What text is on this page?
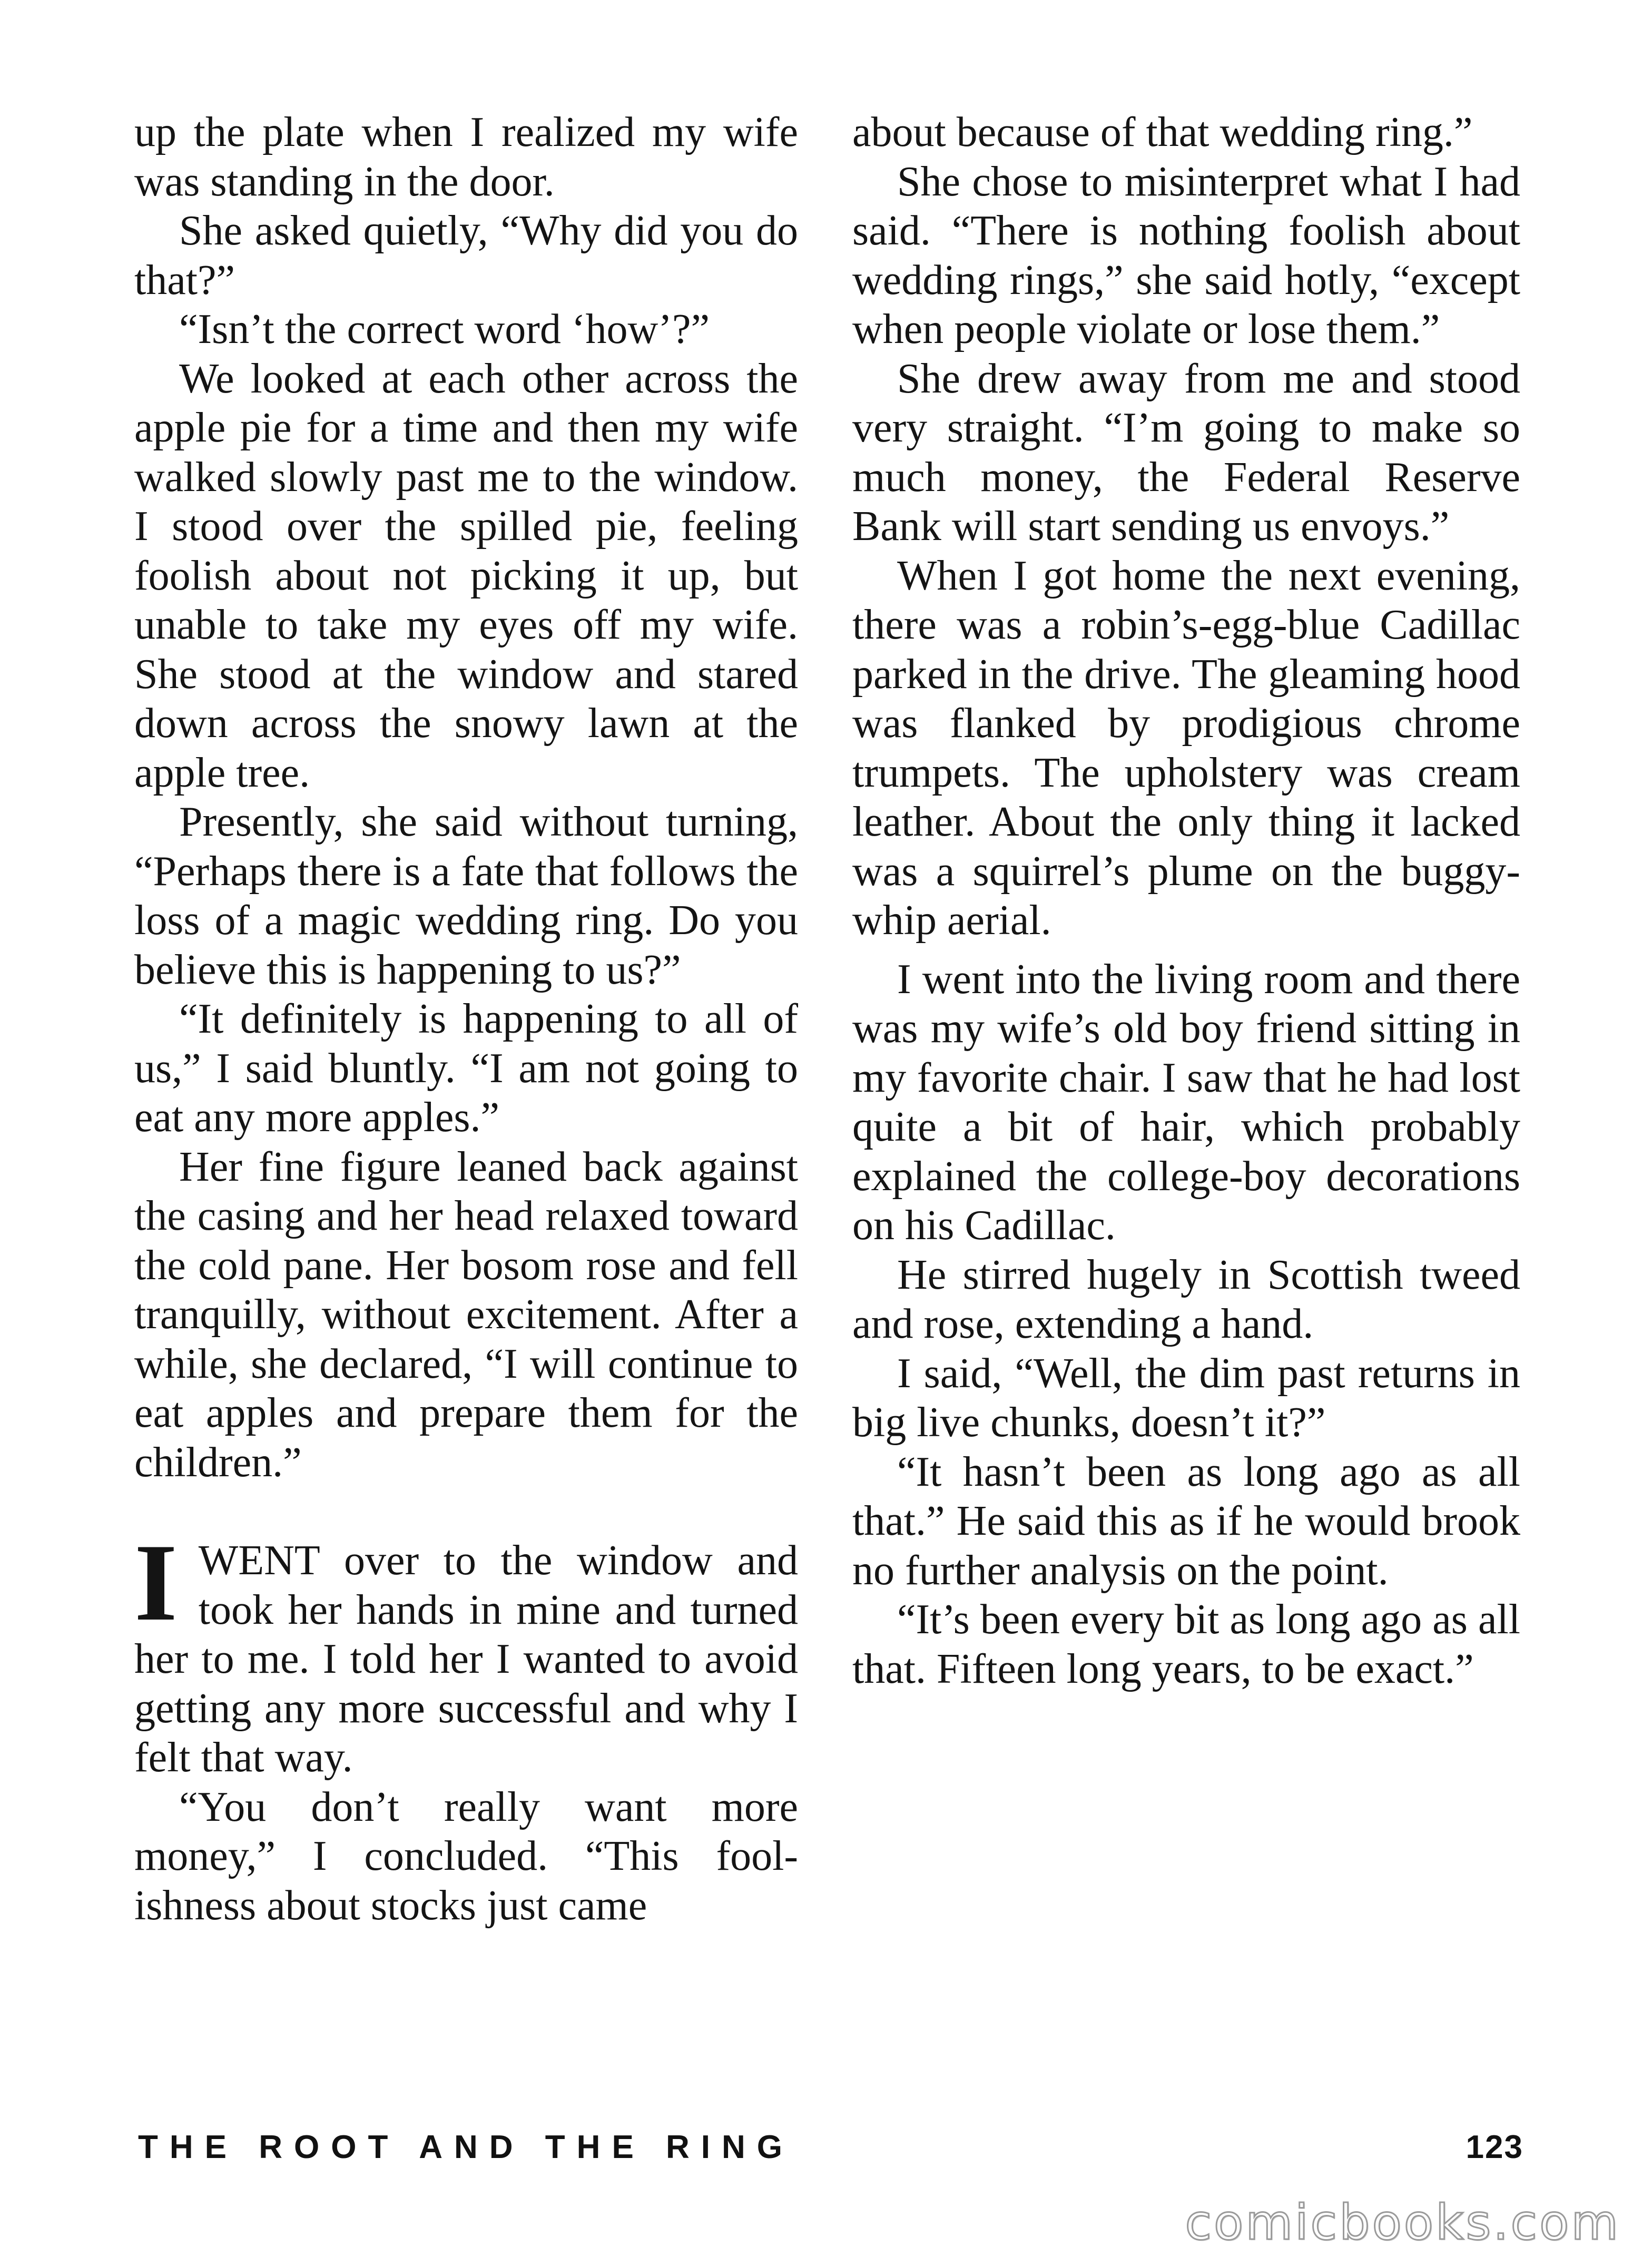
up the plate when I realized my wife was standing in the door.

She asked quietly, “Why did you do that?”

“Isn’t the correct word ‘how’?”

We looked at each other across the apple pie for a time and then my wife walked slowly past me to the window. I stood over the spilled pie, feeling foolish about not picking it up, but unable to take my eyes off my wife. She stood at the window and stared down across the snowy lawn at the apple tree.

Presently, she said without turning, “Perhaps there is a fate that follows the loss of a magic wedding ring. Do you believe this is happening to us?”

“It definitely is happening to all of us,” I said bluntly. “I am not going to eat any more apples.”

Her fine figure leaned back against the casing and her head relaxed toward the cold pane. Her bosom rose and fell tranquilly, without excitement. After a while, she declared, “I will continue to eat apples and prepare them for the children.”

IWENT over to the window and took her hands in mine and turned her to me. I told her I wanted to avoid getting any more successful and why I felt that way.

“You don’t really want more money,” I concluded. “This foolishness about stocks just came

about because of that wedding ring.”

She chose to misinterpret what I had said. “There is nothing foolish about wedding rings,” she said hotly, “except when people violate or lose them.”

She drew away from me and stood very straight. “I’m going to make so much money, the Federal Reserve Bank will start sending us envoys.”

When I got home the next evening, there was a robin’s-egg-blue Cadillac parked in the drive. The gleaming hood was flanked by prodigious chrome trumpets. The upholstery was cream leather. About the only thing it lacked was a squirrel’s plume on the buggy-whip aerial.

I went into the living room and there was my wife’s old boy friend sitting in my favorite chair. I saw that he had lost quite a bit of hair, which probably explained the college-boy decorations on his Cadillac.

He stirred hugely in Scottish tweed and rose, extending a hand.

I said, “Well, the dim past returns in big live chunks, doesn’t it?”

“It hasn’t been as long ago as all that.” He said this as if he would brook no further analysis on the point.

“It’s been every bit as long ago as all that. Fifteen long years, to be exact.”

THE ROOT AND THE RING	123
comicbooks.com
